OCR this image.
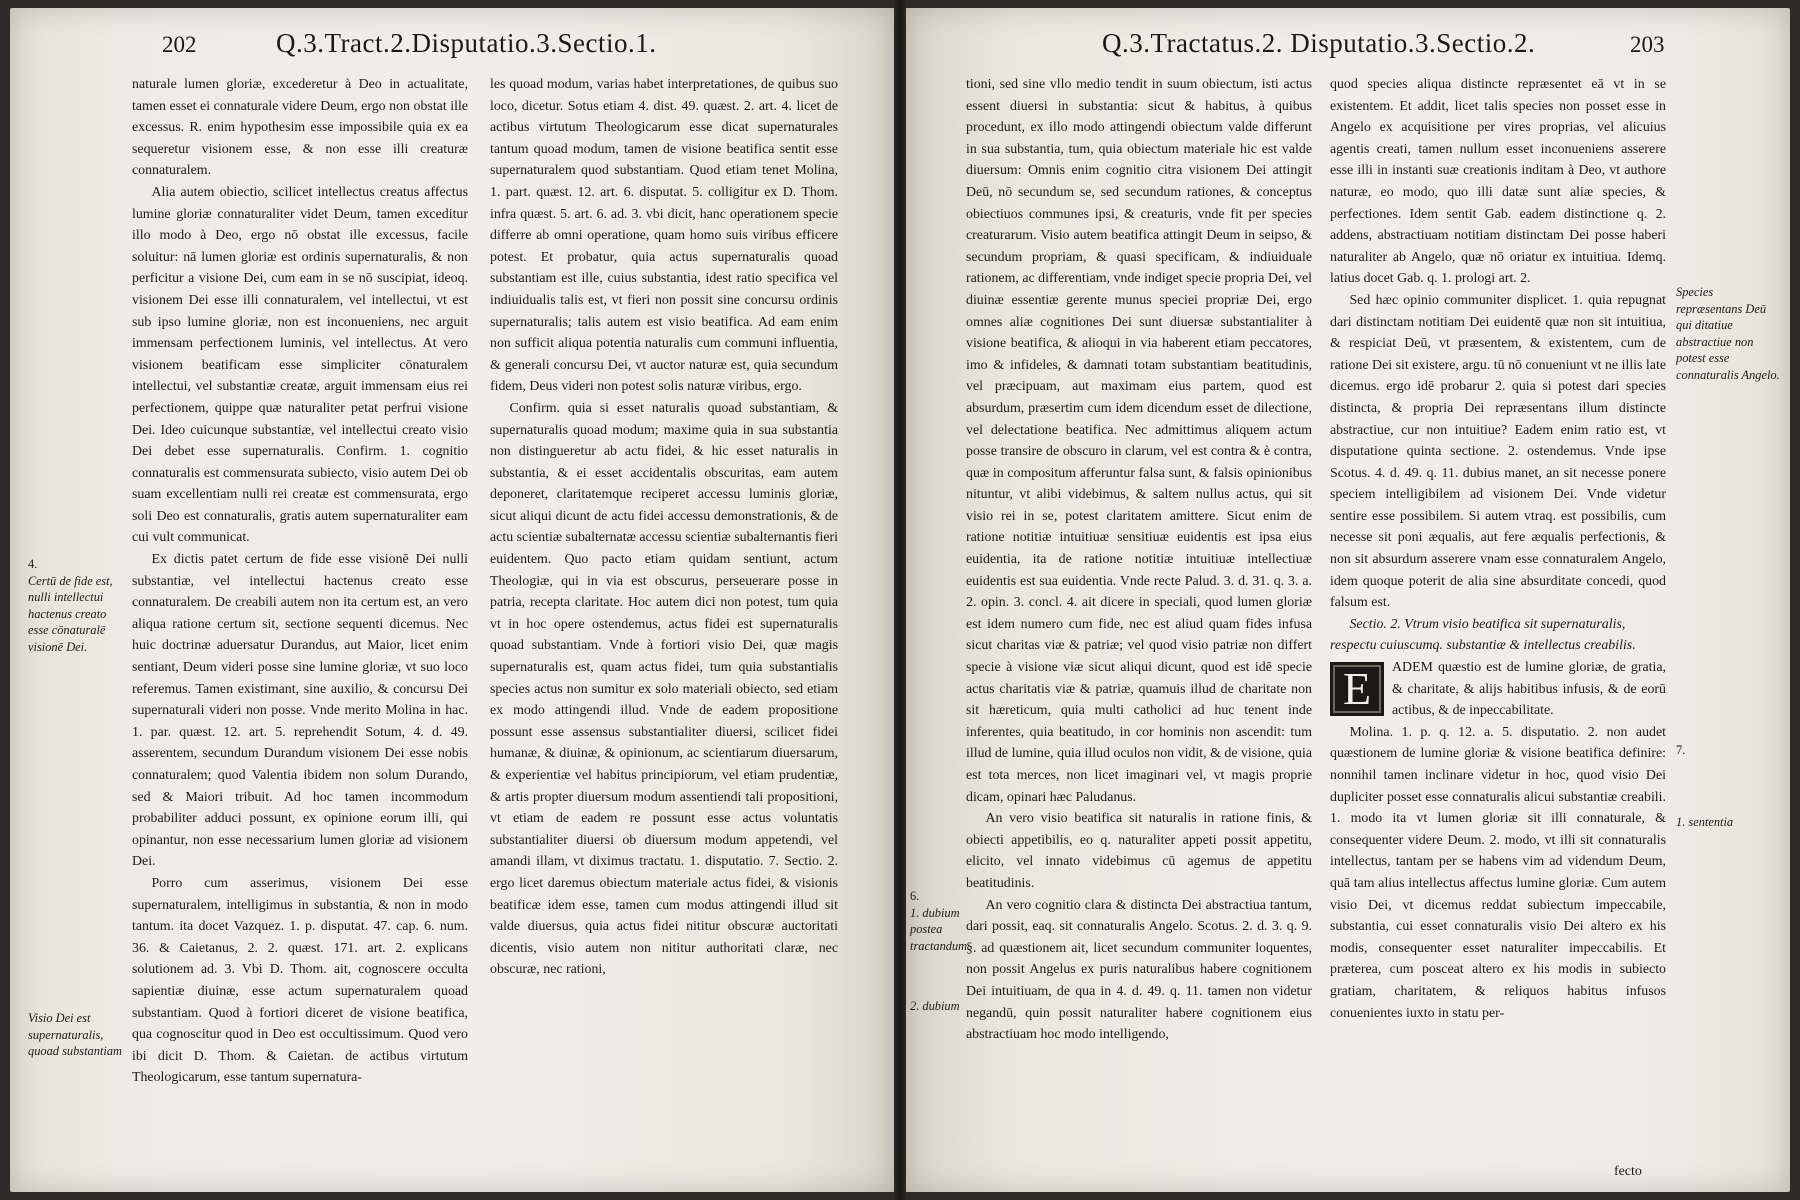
202	Q.3.Tract.2.Disputatio.3.Sectio.1.

naturale lumen gloriæ, excederetur à Deo in actualitate, tamen esset ei connaturale videre Deum, ergo non obstat ille excessus. R. enim hypothesim esse impossibile quia ex ea sequeretur visionem esse, & non esse illi creaturæ connaturalem.

Alia autem obiectio, scilicet intellectus creatus affectus lumine gloriæ connaturaliter videt Deum, tamen exceditur illo modo à Deo, ergo nō obstat ille excessus, facile soluitur: nā lumen gloriæ est ordinis supernaturalis, & non perficitur a visione Dei, cum eam in se nō suscipiat, ideoq. visionem Dei esse illi connaturalem, vel intellectui, vt est sub ipso lumine gloriæ, non est inconueniens, nec arguit immensam perfectionem luminis, vel intellectus. At vero visionem beatificam esse simpliciter cōnaturalem intellectui, vel substantiæ creatæ, arguit immensam eius rei perfectionem, quippe quæ naturaliter petat perfrui visione Dei. Ideo cuicunque substantiæ, vel intellectui creato visio Dei debet esse supernaturalis. Confirm. 1. cognitio connaturalis est commensurata subiecto, visio autem Dei ob suam excellentiam nulli rei creatæ est commensurata, ergo soli Deo est connaturalis, gratis autem supernaturaliter eam cui vult communicat.

Ex dictis patet certum de fide esse visionē Dei nulli substantiæ, vel intellectui hactenus creato esse connaturalem. De creabili autem non ita certum est, an vero aliqua ratione certum sit, sectione sequenti dicemus. Nec huic doctrinæ aduersatur Durandus, aut Maior, licet enim sentiant, Deum videri posse sine lumine gloriæ, vt suo loco referemus. Tamen existimant, sine auxilio, & concursu Dei supernaturali videri non posse. Vnde merito Molina in hac. 1. par. quæst. 12. art. 5. reprehendit Sotum, 4. d. 49. asserentem, secundum Durandum visionem Dei esse nobis connaturalem; quod Valentia ibidem non solum Durando, sed & Maiori tribuit. Ad hoc tamen incommodum probabiliter adduci possunt, ex opinione eorum illi, qui opinantur, non esse necessarium lumen gloriæ ad visionem Dei.

Porro cum asserimus, visionem Dei esse supernaturalem, intelligimus in substantia, & non in modo tantum. ita docet Vazquez. 1. p. disputat. 47. cap. 6. num. 36. & Caietanus, 2. 2. quæst. 171. art. 2. explicans solutionem ad. 3. Vbi D. Thom. ait, cognoscere occulta sapientiæ diuinæ, esse actum supernaturalem quoad substantiam. Quod à fortiori diceret de visione beatifica, qua cognoscitur quod in Deo est occultissimum. Quod vero ibi dicit D. Thom. & Caietan. de actibus virtutum Theologicarum, esse tantum supernatura-

les quoad modum, varias habet interpretationes, de quibus suo loco, dicetur. Sotus etiam 4. dist. 49. quæst. 2. art. 4. licet de actibus virtutum Theologicarum esse dicat supernaturales tantum quoad modum, tamen de visione beatifica sentit esse supernaturalem quod substantiam. Quod etiam tenet Molina, 1. part. quæst. 12. art. 6. disputat. 5. colligitur ex D. Thom. infra quæst. 5. art. 6. ad. 3. vbi dicit, hanc operationem specie differre ab omni operatione, quam homo suis viribus efficere potest. Et probatur, quia actus supernaturalis quoad substantiam est ille, cuius substantia, idest ratio specifica vel indiuidualis talis est, vt fieri non possit sine concursu ordinis supernaturalis; talis autem est visio beatifica. Ad eam enim non sufficit aliqua potentia naturalis cum communi influentia, & generali concursu Dei, vt auctor naturæ est, quia secundum fidem, Deus videri non potest solis naturæ viribus, ergo.

Confirm. quia si esset naturalis quoad substantiam, & supernaturalis quoad modum; maxime quia in sua substantia non distingueretur ab actu fidei, & hic esset naturalis in substantia, & ei esset accidentalis obscuritas, eam autem deponeret, claritatemque reciperet accessu luminis gloriæ, sicut aliqui dicunt de actu fidei accessu demonstrationis, & de actu scientiæ subalternatæ accessu scientiæ subalternantis fieri euidentem. Quo pacto etiam quidam sentiunt, actum Theologiæ, qui in via est obscurus, perseuerare posse in patria, recepta claritate. Hoc autem dici non potest, tum quia vt in hoc opere ostendemus, actus fidei est supernaturalis quoad substantiam. Vnde à fortiori visio Dei, quæ magis supernaturalis est, quam actus fidei, tum quia substantialis species actus non sumitur ex solo materiali obiecto, sed etiam ex modo attingendi illud. Vnde de eadem propositione possunt esse assensus substantialiter diuersi, scilicet fidei humanæ, & diuinæ, & opinionum, ac scientiarum diuersarum, & experientiæ vel habitus principiorum, vel etiam prudentiæ, & artis propter diuersum modum assentiendi tali propositioni, vt etiam de eadem re possunt esse actus voluntatis substantialiter diuersi ob diuersum modum appetendi, vel amandi illam, vt diximus tractatu. 1. disputatio. 7. Sectio. 2. ergo licet daremus obiectum materiale actus fidei, & visionis beatificæ idem esse, tamen cum modus attingendi illud sit valde diuersus, quia actus fidei nititur obscuræ auctoritati dicentis, visio autem non nititur authoritati claræ, nec obscuræ, nec rationi,

4.
Certū de fide est, nulli intellectui hactenus creato esse cōnaturalē visionē Dei.
Visio Dei est supernaturalis, quoad substantiam
Q.3.Tractatus.2. Disputatio.3.Sectio.2.	203

tioni, sed sine vllo medio tendit in suum obiectum, isti actus essent diuersi in substantia: sicut & habitus, à quibus procedunt, ex illo modo attingendi obiectum valde differunt in sua substantia, tum, quia obiectum materiale hic est valde diuersum: Omnis enim cognitio citra visionem Dei attingit Deū, nō secundum se, sed secundum rationes, & conceptus obiectiuos communes ipsi, & creaturis, vnde fit per species creaturarum. Visio autem beatifica attingit Deum in seipso, & secundum propriam, & quasi specificam, & indiuiduale rationem, ac differentiam, vnde indiget specie propria Dei, vel diuinæ essentiæ gerente munus speciei propriæ Dei, ergo omnes aliæ cognitiones Dei sunt diuersæ substantialiter à visione beatifica, & alioqui in via haberent etiam peccatores, imo & infideles, & damnati totam substantiam beatitudinis, vel præcipuam, aut maximam eius partem, quod est absurdum, præsertim cum idem dicendum esset de dilectione, vel delectatione beatifica. Nec admittimus aliquem actum posse transire de obscuro in clarum, vel est contra & è contra, quæ in compositum afferuntur falsa sunt, & falsis opinionibus nituntur, vt alibi videbimus, & saltem nullus actus, qui sit visio rei in se, potest claritatem amittere. Sicut enim de ratione notitiæ intuitiuæ sensitiuæ euidentis est ipsa eius euidentia, ita de ratione notitiæ intuitiuæ intellectiuæ euidentis est sua euidentia. Vnde recte Palud. 3. d. 31. q. 3. a. 2. opin. 3. concl. 4. ait dicere in speciali, quod lumen gloriæ est idem numero cum fide, nec est aliud quam fides infusa sicut charitas viæ & patriæ; vel quod visio patriæ non differt specie à visione viæ sicut aliqui dicunt, quod est idē specie actus charitatis viæ & patriæ, quamuis illud de charitate non sit hæreticum, quia multi catholici ad huc tenent inde inferentes, quia beatitudo, in cor hominis non ascendit: tum illud de lumine, quia illud oculos non vidit, & de visione, quia est tota merces, non licet imaginari vel, vt magis proprie dicam, opinari hæc Paludanus.

An vero visio beatifica sit naturalis in ratione finis, & obiecti appetibilis, eo q. naturaliter appeti possit appetitu, elicito, vel innato videbimus cū agemus de appetitu beatitudinis.

An vero cognitio clara & distincta Dei abstractiua tantum, dari possit, eaq. sit connaturalis Angelo. Scotus. 2. d. 3. q. 9. §. ad quæstionem ait, licet secundum communiter loquentes, non possit Angelus ex puris naturalibus habere cognitionem Dei intuitiuam, de qua in 4. d. 49. q. 11. tamen non videtur negandū, quin possit naturaliter habere cognitionem eius abstractiuam hoc modo intelligendo,

quod species aliqua distincte repræsentet eā vt in se existentem. Et addit, licet talis species non posset esse in Angelo ex acquisitione per vires proprias, vel alicuius agentis creati, tamen nullum esset inconueniens asserere esse illi in instanti suæ creationis inditam à Deo, vt authore naturæ, eo modo, quo illi datæ sunt aliæ species, & perfectiones. Idem sentit Gab. eadem distinctione q. 2. addens, abstractiuam notitiam distinctam Dei posse haberi naturaliter ab Angelo, quæ nō oriatur ex intuitiua. Idemq. latius docet Gab. q. 1. prologi art. 2.

Sed hæc opinio communiter displicet. 1. quia repugnat dari distinctam notitiam Dei euidentē quæ non sit intuitiua, & respiciat Deū, vt præsentem, & existentem, cum de ratione Dei sit existere, argu. tū nō conueniunt vt ne illis late dicemus. ergo idē probarur 2. quia si potest dari species distincta, & propria Dei repræsentans illum distincte abstractiue, cur non intuitiue? Eadem enim ratio est, vt disputatione quinta sectione. 2. ostendemus. Vnde ipse Scotus. 4. d. 49. q. 11. dubius manet, an sit necesse ponere speciem intelligibilem ad visionem Dei. Vnde videtur sentire esse possibilem. Si autem vtraq. est possibilis, cum necesse sit poni æqualis, aut fere æqualis perfectionis, & non sit absurdum asserere vnam esse connaturalem Angelo, idem quoque poterit de alia sine absurditate concedi, quod falsum est.

Sectio. 2. Vtrum visio beatifica sit supernaturalis, respectu cuiuscumq. substantiæ & intellectus creabilis.

E	ADEM quæstio est de lumine gloriæ, de gratia, & charitate, & alijs habitibus infusis, & de eorū actibus, & de inpeccabilitate.

Molina. 1. p. q. 12. a. 5. disputatio. 2. non audet quæstionem de lumine gloriæ & visione beatifica definire: nonnihil tamen inclinare videtur in hoc, quod visio Dei dupliciter posset esse connaturalis alicui substantiæ creabili. 1. modo ita vt lumen gloriæ sit illi connaturale, & consequenter videre Deum. 2. modo, vt illi sit connaturalis intellectus, tantam per se habens vim ad videndum Deum, quā tam alius intellectus affectus lumine gloriæ. Cum autem visio Dei, vt dicemus reddat subiectum impeccabile, substantia, cui esset connaturalis visio Dei altero ex his modis, consequenter esset naturaliter impeccabilis. Et præterea, cum posceat altero ex his modis in subiecto gratiam, charitatem, & reliquos habitus infusos conuenientes iuxto in statu per-

fecto
6.
1. dubium postea tractandum.
2. dubium
Species repræsentans Deū qui ditatiue abstractiue non potest esse connaturalis Angelo.
7.
1. sententia
